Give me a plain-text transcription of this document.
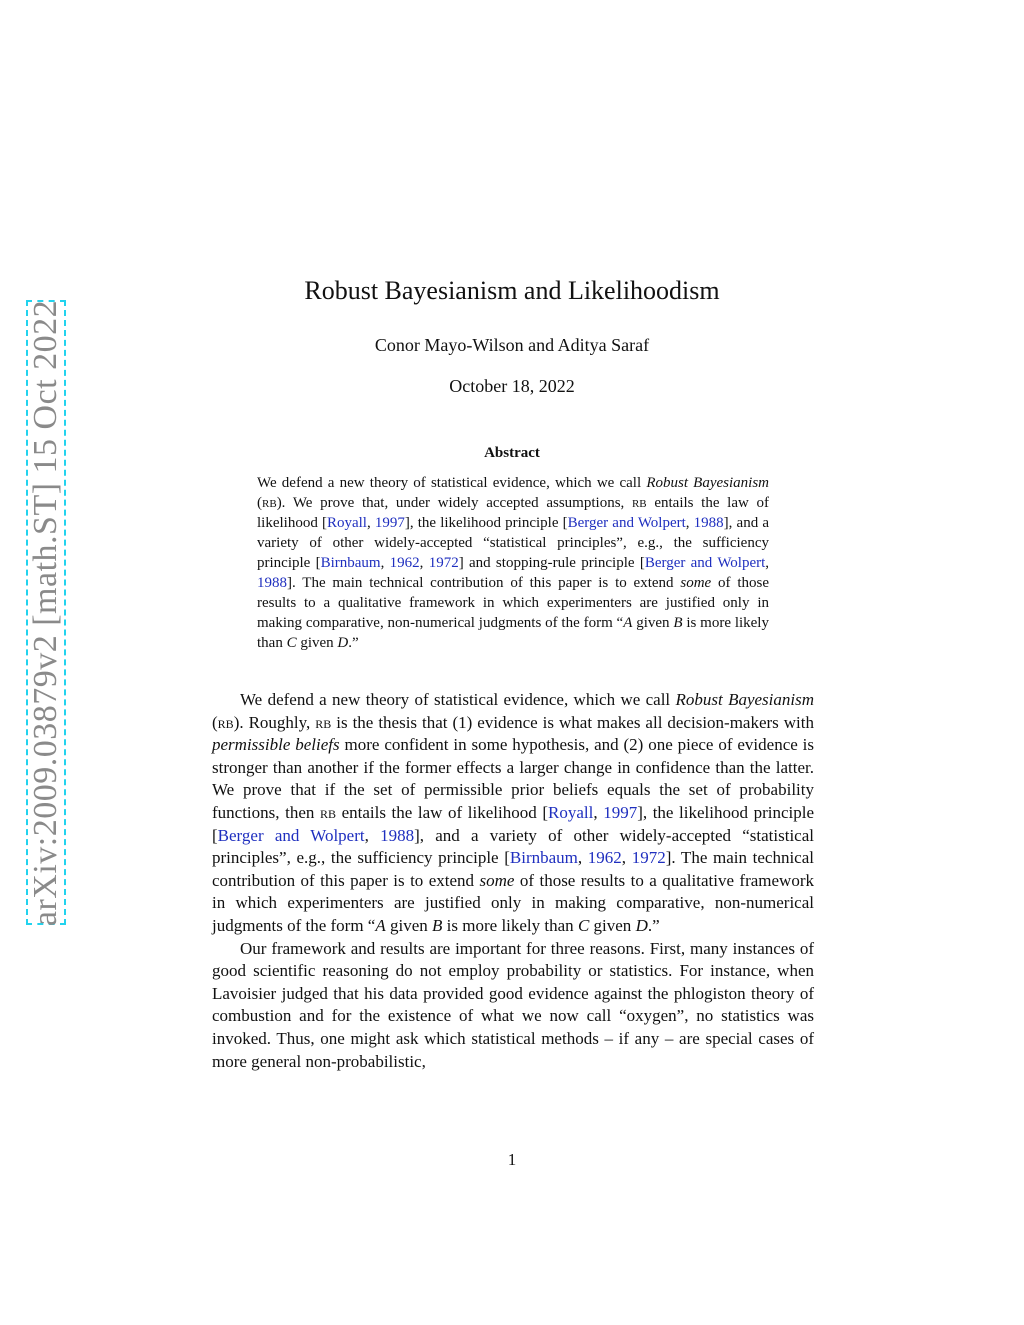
arXiv:2009.03879v2 [math.ST] 15 Oct 2022
Robust Bayesianism and Likelihoodism
Conor Mayo-Wilson and Aditya Saraf
October 18, 2022
Abstract
We defend a new theory of statistical evidence, which we call Robust Bayesianism (rb). We prove that, under widely accepted assumptions, rb entails the law of likelihood [Royall, 1997], the likelihood principle [Berger and Wolpert, 1988], and a variety of other widely-accepted “statistical principles”, e.g., the sufficiency principle [Birnbaum, 1962, 1972] and stopping-rule principle [Berger and Wolpert, 1988]. The main technical contribution of this paper is to extend some of those results to a qualitative framework in which experimenters are justified only in making comparative, non-numerical judgments of the form “A given B is more likely than C given D.”

We defend a new theory of statistical evidence, which we call Robust Bayesianism (rb). Roughly, rb is the thesis that (1) evidence is what makes all decision-makers with permissible beliefs more confident in some hypothesis, and (2) one piece of evidence is stronger than another if the former effects a larger change in confidence than the latter. We prove that if the set of permissible prior beliefs equals the set of probability functions, then rb entails the law of likelihood [Royall, 1997], the likelihood principle [Berger and Wolpert, 1988], and a variety of other widely-accepted “statistical principles”, e.g., the sufficiency principle [Birnbaum, 1962, 1972]. The main technical contribution of this paper is to extend some of those results to a qualitative framework in which experimenters are justified only in making comparative, non-numerical judgments of the form “A given B is more likely than C given D.”

Our framework and results are important for three reasons. First, many instances of good scientific reasoning do not employ probability or statistics. For instance, when Lavoisier judged that his data provided good evidence against the phlogiston theory of combustion and for the existence of what we now call “oxygen”, no statistics was invoked. Thus, one might ask which statistical methods – if any – are special cases of more general non-probabilistic,

1
